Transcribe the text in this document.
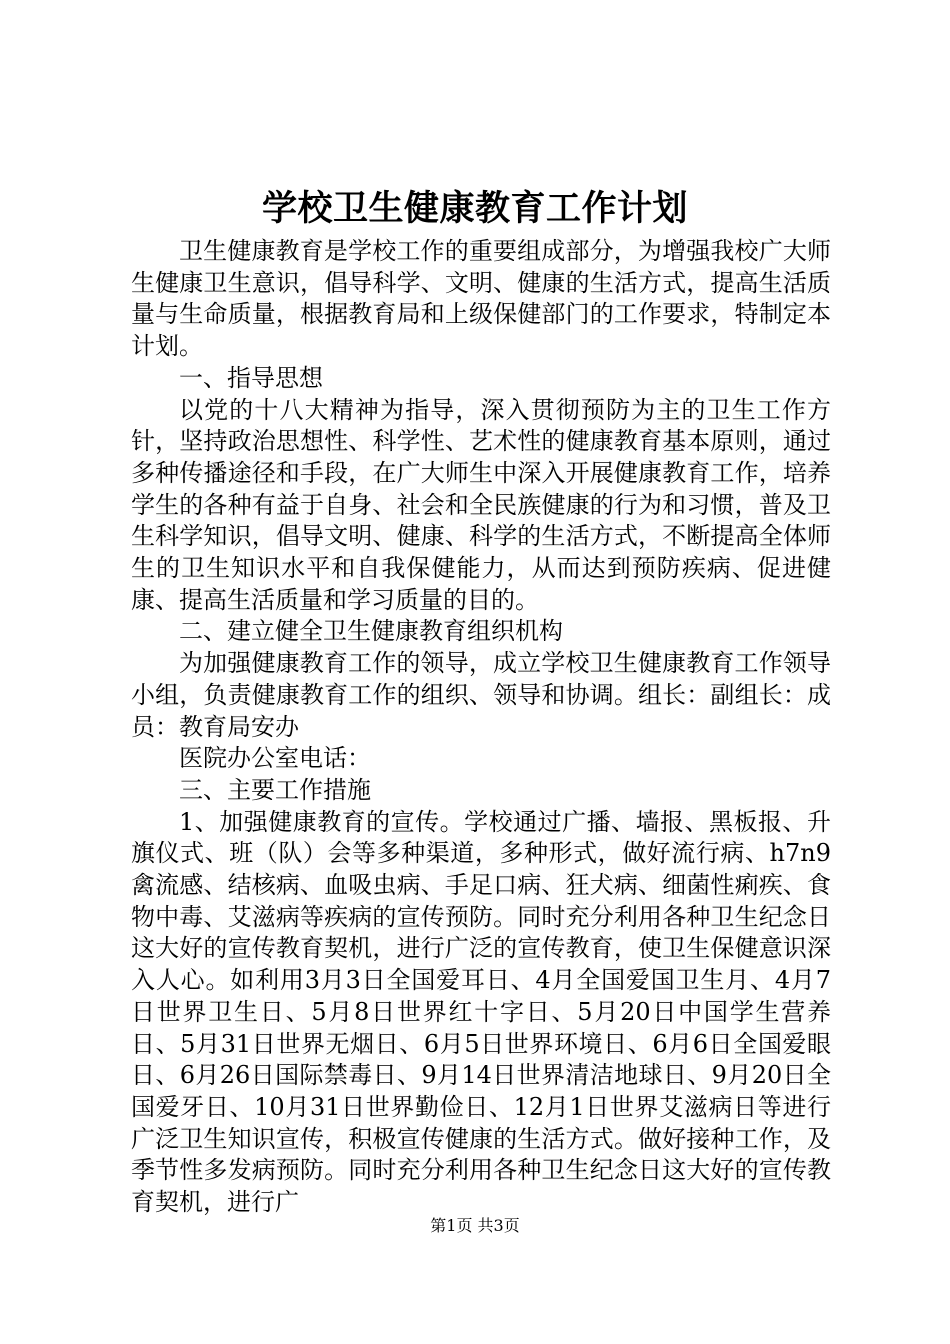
学校卫生健康教育工作计划

卫生健康教育是学校工作的重要组成部分，为增强我校广大师生健康卫生意识，倡导科学、文明、健康的生活方式，提高生活质量与生命质量，根据教育局和上级保健部门的工作要求，特制定本计划。

一、指导思想

以党的十八大精神为指导，深入贯彻预防为主的卫生工作方针，坚持政治思想性、科学性、艺术性的健康教育基本原则，通过多种传播途径和手段，在广大师生中深入开展健康教育工作，培养学生的各种有益于自身、社会和全民族健康的行为和习惯，普及卫生科学知识，倡导文明、健康、科学的生活方式，不断提高全体师生的卫生知识水平和自我保健能力，从而达到预防疾病、促进健康、提高生活质量和学习质量的目的。

二、建立健全卫生健康教育组织机构

为加强健康教育工作的领导，成立学校卫生健康教育工作领导小组，负责健康教育工作的组织、领导和协调。组长：副组长：成员：教育局安办

医院办公室电话：

三、主要工作措施

1、加强健康教育的宣传。学校通过广播、墙报、黑板报、升旗仪式、班（队）会等多种渠道，多种形式，做好流行病、h7n9禽流感、结核病、血吸虫病、手足口病、狂犬病、细菌性痢疾、食物中毒、艾滋病等疾病的宣传预防。同时充分利用各种卫生纪念日这大好的宣传教育契机，进行广泛的宣传教育，使卫生保健意识深入人心。如利用3月3日全国爱耳日、4月全国爱国卫生月、4月7日世界卫生日、5月8日世界红十字日、5月20日中国学生营养日、5月31日世界无烟日、6月5日世界环境日、6月6日全国爱眼日、6月26日国际禁毒日、9月14日世界清洁地球日、9月20日全国爱牙日、10月31日世界勤俭日、12月1日世界艾滋病日等进行广泛卫生知识宣传，积极宣传健康的生活方式。做好接种工作，及季节性多发病预防。同时充分利用各种卫生纪念日这大好的宣传教育契机，进行广

第1页 共3页
